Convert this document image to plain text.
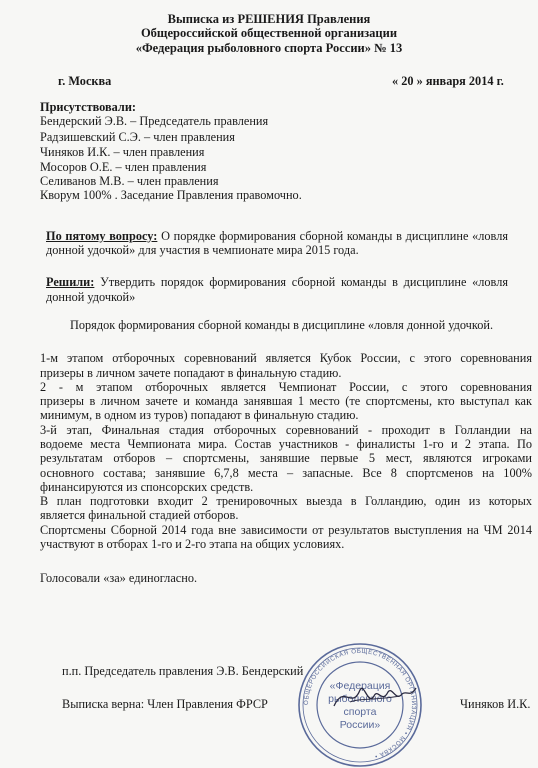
Выписка из РЕШЕНИЯ Правления
Общероссийской общественной организации
«Федерация рыболовного спорта России» № 13
г. Москва	« 20 » января 2014 г.
Присутствовали:
Бендерский Э.В. – Председатель правления
Радзишевский С.Э. – член правления
Чиняков И.К. – член правления
Мосоров О.Е. – член правления
Селиванов М.В. – член правления
Кворум 100% . Заседание Правления правомочно.
По пятому вопросу: О порядке формирования сборной команды в дисциплине «ловля
донной удочкой» для участия в чемпионате мира 2015 года.
Решили: Утвердить порядок формирования сборной команды в дисциплине «ловля
донной удочкой»
Порядок формирования сборной команды в дисциплине «ловля донной удочкой.
1-м этапом отборочных соревнований является Кубок России, с этого соревнования
призеры в личном зачете попадают в финальную стадию.
2 - м этапом отборочных является Чемпионат России, с этого соревнования
призеры в личном зачете и команда занявшая 1 место (те спортсмены, кто выступал как
минимум, в одном из туров) попадают в финальную стадию.
3-й этап, Финальная стадия отборочных соревнований - проходит в Голландии на
водоеме места Чемпионата мира. Состав участников - финалисты 1-го и 2 этапа. По
результатам отборов – спортсмены, занявшие первые 5 мест, являются игроками
основного состава; занявшие 6,7,8 места – запасные. Все 8 спортсменов на 100%
финансируются из спонсорских средств.
В план подготовки входит 2 тренировочных выезда в Голландию, один из которых
является финальной стадией отборов.
Спортсмены Сборной 2014 года вне зависимости от результатов выступления на ЧМ 2014
участвуют в отборах 1-го и 2-го этапа на общих условиях.
Голосовали «за» единогласно.
п.п. Председатель правления Э.В. Бендерский
Выписка верна: Член Правления ФРСР	Чиняков И.К.
ОБЩЕРОССИЙСКАЯ ОБЩЕСТВЕННАЯ ОРГАНИЗАЦИЯ • МОСКВА •
«Федерация
рыболовного
спорта
России»
